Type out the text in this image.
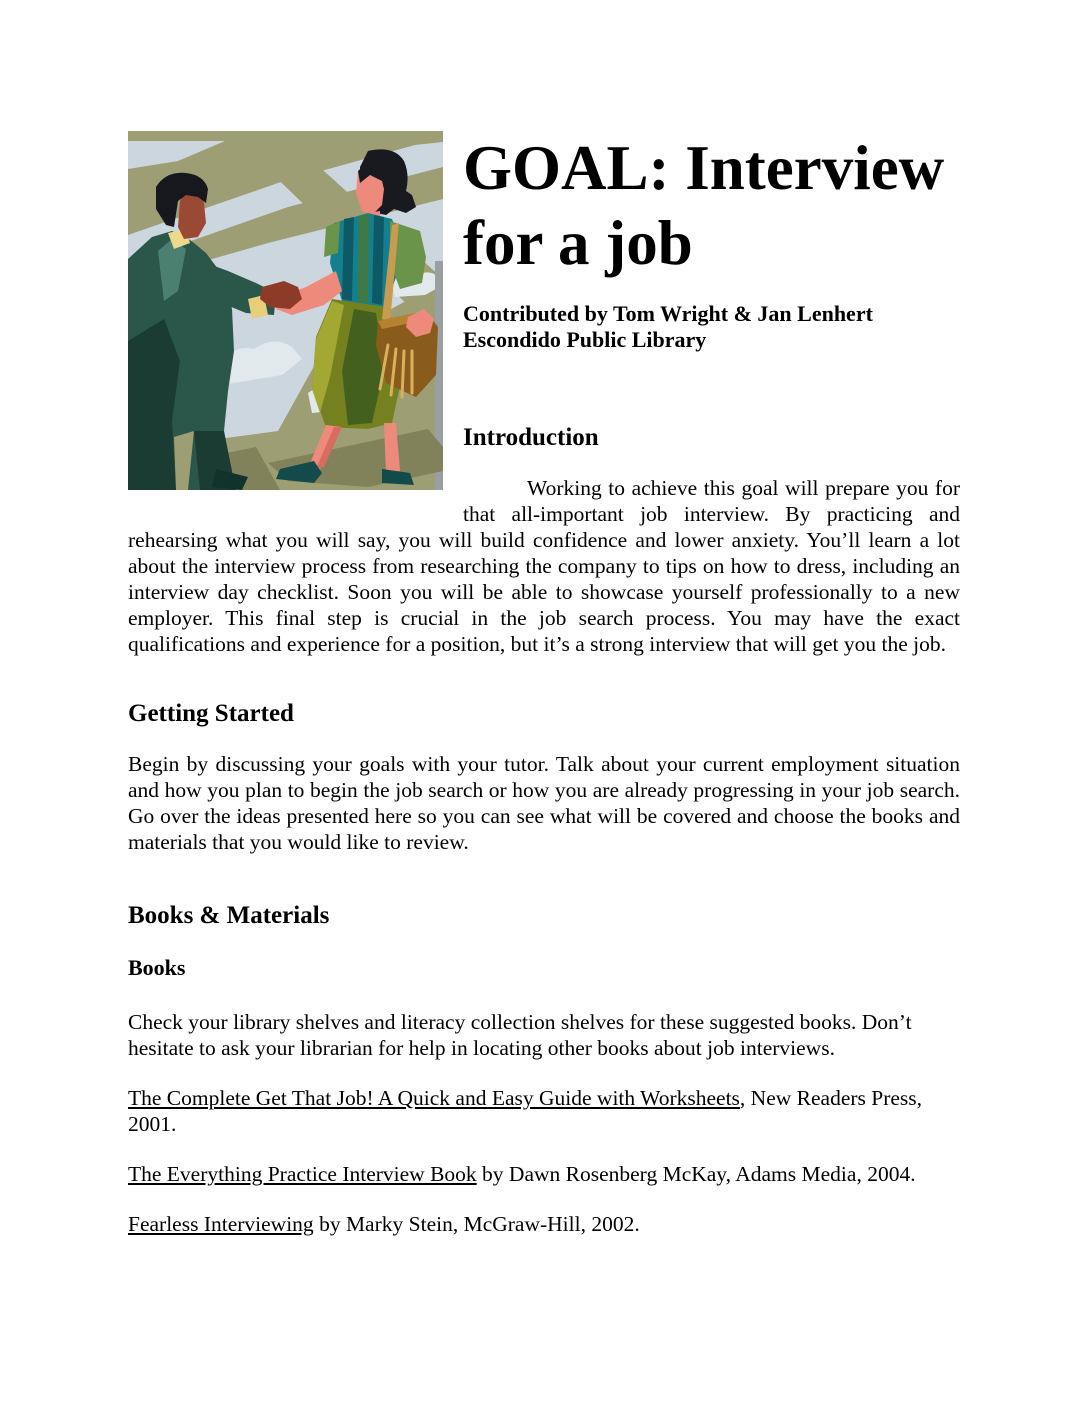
GOAL: Interview
for a job

Contributed by Tom Wright & Jan Lenhert
Escondido Public Library

Introduction

Working to achieve this goal will prepare you for that all-important job interview. By practicing and rehearsing what you will say, you will build confidence and lower anxiety. You’ll learn a lot about the interview process from researching the company to tips on how to dress, including an interview day checklist. Soon you will be able to showcase yourself professionally to a new employer. This final step is crucial in the job search process. You may have the exact qualifications and experience for a position, but it’s a strong interview that will get you the job.

Getting Started

Begin by discussing your goals with your tutor. Talk about your current employment situation and how you plan to begin the job search or how you are already progressing in your job search. Go over the ideas presented here so you can see what will be covered and choose the books and materials that you would like to review.

Books & Materials
Books

Check your library shelves and literacy collection shelves for these suggested books. Don’t hesitate to ask your librarian for help in locating other books about job interviews.

The Complete Get That Job! A Quick and Easy Guide with Worksheets, New Readers Press, 2001.

The Everything Practice Interview Book by Dawn Rosenberg McKay, Adams Media, 2004.

Fearless Interviewing by Marky Stein, McGraw-Hill, 2002.
